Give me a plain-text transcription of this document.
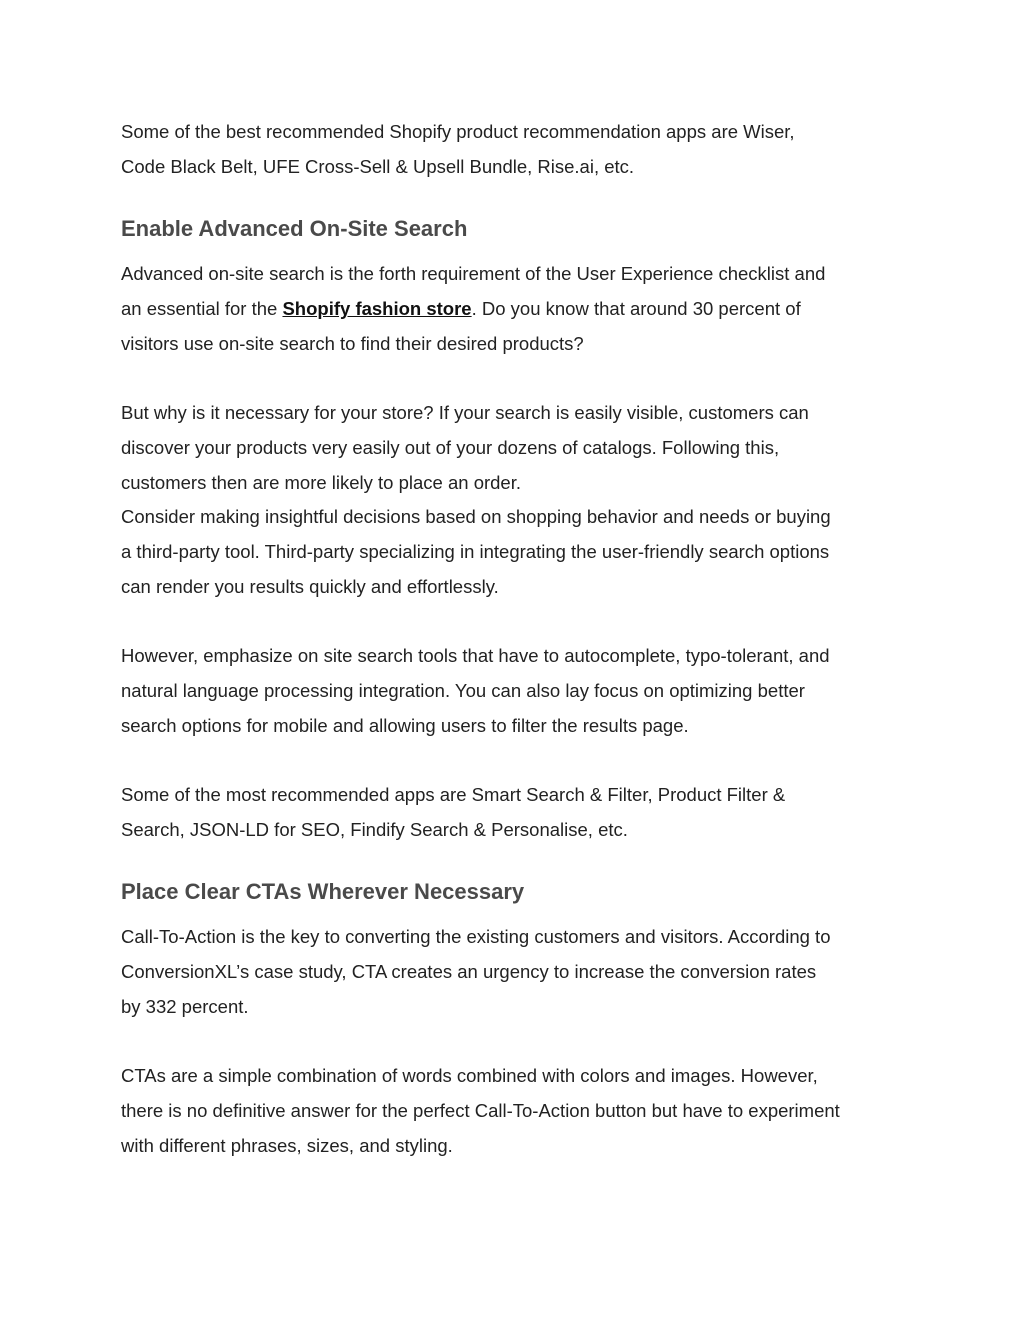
Some of the best recommended Shopify product recommendation apps are Wiser,
Code Black Belt, UFE Cross-Sell & Upsell Bundle, Rise.ai, etc.

Enable Advanced On-Site Search

Advanced on-site search is the forth requirement of the User Experience checklist and
an essential for the Shopify fashion store. Do you know that around 30 percent of
visitors use on-site search to find their desired products?

But why is it necessary for your store? If your search is easily visible, customers can
discover your products very easily out of your dozens of catalogs. Following this,
customers then are more likely to place an order.
Consider making insightful decisions based on shopping behavior and needs or buying
a third-party tool. Third-party specializing in integrating the user-friendly search options
can render you results quickly and effortlessly.

However, emphasize on site search tools that have to autocomplete, typo-tolerant, and
natural language processing integration. You can also lay focus on optimizing better
search options for mobile and allowing users to filter the results page.

Some of the most recommended apps are Smart Search & Filter, Product Filter &
Search, JSON-LD for SEO, Findify Search & Personalise, etc.

Place Clear CTAs Wherever Necessary

Call-To-Action is the key to converting the existing customers and visitors. According to
ConversionXL’s case study, CTA creates an urgency to increase the conversion rates
by 332 percent.

CTAs are a simple combination of words combined with colors and images. However,
there is no definitive answer for the perfect Call-To-Action button but have to experiment
with different phrases, sizes, and styling.
